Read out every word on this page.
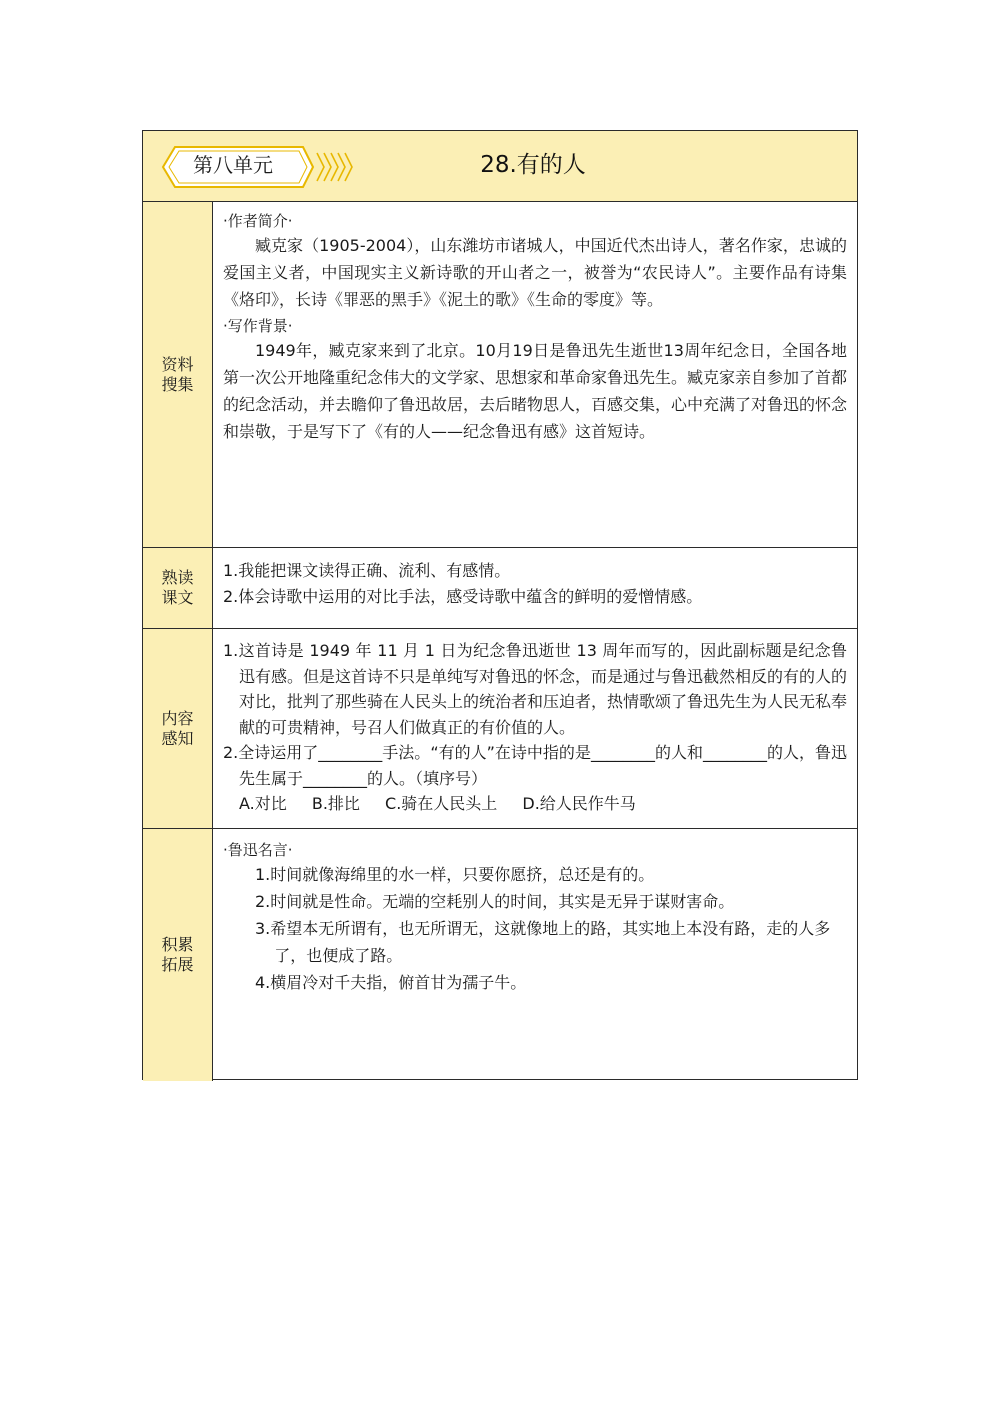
第八单元	28.有的人
资料搜集

·作者简介·

臧克家（1905-2004），山东潍坊市诸城人，中国近代杰出诗人，著名作家，忠诚的爱国主义者，中国现实主义新诗歌的开山者之一，被誉为“农民诗人”。主要作品有诗集《烙印》，长诗《罪恶的黑手》《泥土的歌》《生命的零度》等。

·写作背景·

1949年，臧克家来到了北京。10月19日是鲁迅先生逝世13周年纪念日，全国各地第一次公开地隆重纪念伟大的文学家、思想家和革命家鲁迅先生。臧克家亲自参加了首都的纪念活动，并去瞻仰了鲁迅故居，去后睹物思人，百感交集，心中充满了对鲁迅的怀念和崇敬，于是写下了《有的人——纪念鲁迅有感》这首短诗。

熟读课文

1.我能把课文读得正确、流利、有感情。

2.体会诗歌中运用的对比手法，感受诗歌中蕴含的鲜明的爱憎情感。

内容感知

1.这首诗是 1949 年 11 月 1 日为纪念鲁迅逝世 13 周年而写的，因此副标题是纪念鲁迅有感。但是这首诗不只是单纯写对鲁迅的怀念，而是通过与鲁迅截然相反的有的人的对比，批判了那些骑在人民头上的统治者和压迫者，热情歌颂了鲁迅先生为人民无私奉献的可贵精神，号召人们做真正的有价值的人。

2.全诗运用了________手法。“有的人”在诗中指的是________的人和________的人，鲁迅先生属于________的人。（填序号）

A.对比 B.排比 C.骑在人民头上 D.给人民作牛马

积累拓展

·鲁迅名言·

1.时间就像海绵里的水一样，只要你愿挤，总还是有的。

2.时间就是性命。无端的空耗别人的时间，其实是无异于谋财害命。

3.希望本无所谓有，也无所谓无，这就像地上的路，其实地上本没有路，走的人多了，也便成了路。

4.横眉冷对千夫指，俯首甘为孺子牛。
